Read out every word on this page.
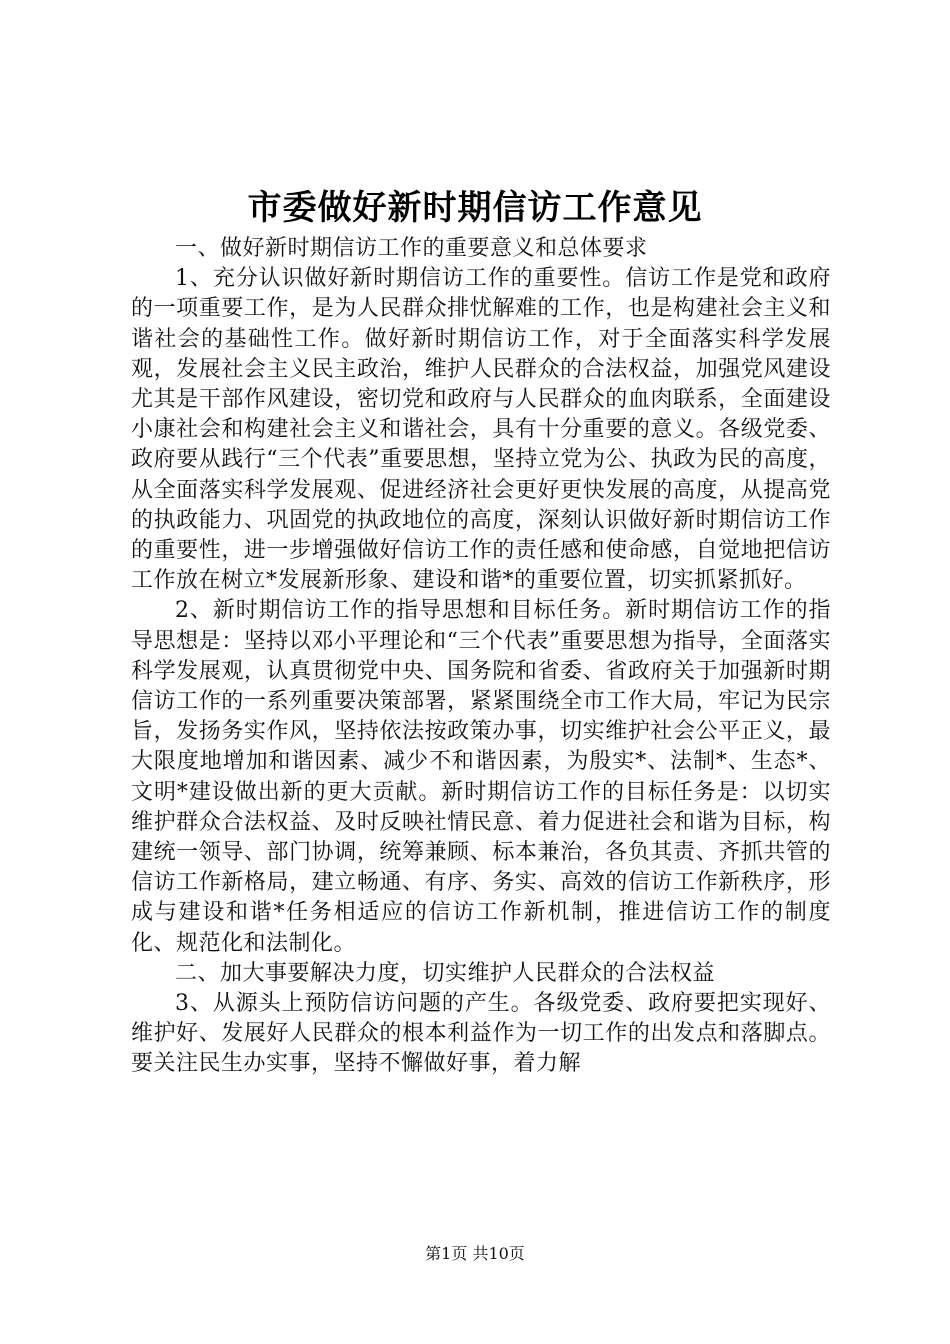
市委做好新时期信访工作意见

一、做好新时期信访工作的重要意义和总体要求

1、充分认识做好新时期信访工作的重要性。信访工作是党和政府的一项重要工作，是为人民群众排忧解难的工作，也是构建社会主义和谐社会的基础性工作。做好新时期信访工作，对于全面落实科学发展观，发展社会主义民主政治，维护人民群众的合法权益，加强党风建设尤其是干部作风建设，密切党和政府与人民群众的血肉联系，全面建设小康社会和构建社会主义和谐社会，具有十分重要的意义。各级党委、政府要从践行“三个代表”重要思想，坚持立党为公、执政为民的高度，从全面落实科学发展观、促进经济社会更好更快发展的高度，从提高党的执政能力、巩固党的执政地位的高度，深刻认识做好新时期信访工作的重要性，进一步增强做好信访工作的责任感和使命感，自觉地把信访工作放在树立*发展新形象、建设和谐*的重要位置，切实抓紧抓好。

2、新时期信访工作的指导思想和目标任务。新时期信访工作的指导思想是：坚持以邓小平理论和“三个代表”重要思想为指导，全面落实科学发展观，认真贯彻党中央、国务院和省委、省政府关于加强新时期信访工作的一系列重要决策部署，紧紧围绕全市工作大局，牢记为民宗旨，发扬务实作风，坚持依法按政策办事，切实维护社会公平正义，最大限度地增加和谐因素、减少不和谐因素，为殷实*、法制*、生态*、文明*建设做出新的更大贡献。新时期信访工作的目标任务是：以切实维护群众合法权益、及时反映社情民意、着力促进社会和谐为目标，构建统一领导、部门协调，统筹兼顾、标本兼治，各负其责、齐抓共管的信访工作新格局，建立畅通、有序、务实、高效的信访工作新秩序，形成与建设和谐*任务相适应的信访工作新机制，推进信访工作的制度化、规范化和法制化。

二、加大事要解决力度，切实维护人民群众的合法权益

3、从源头上预防信访问题的产生。各级党委、政府要把实现好、维护好、发展好人民群众的根本利益作为一切工作的出发点和落脚点。要关注民生办实事，坚持不懈做好事，着力解

第1页 共10页
